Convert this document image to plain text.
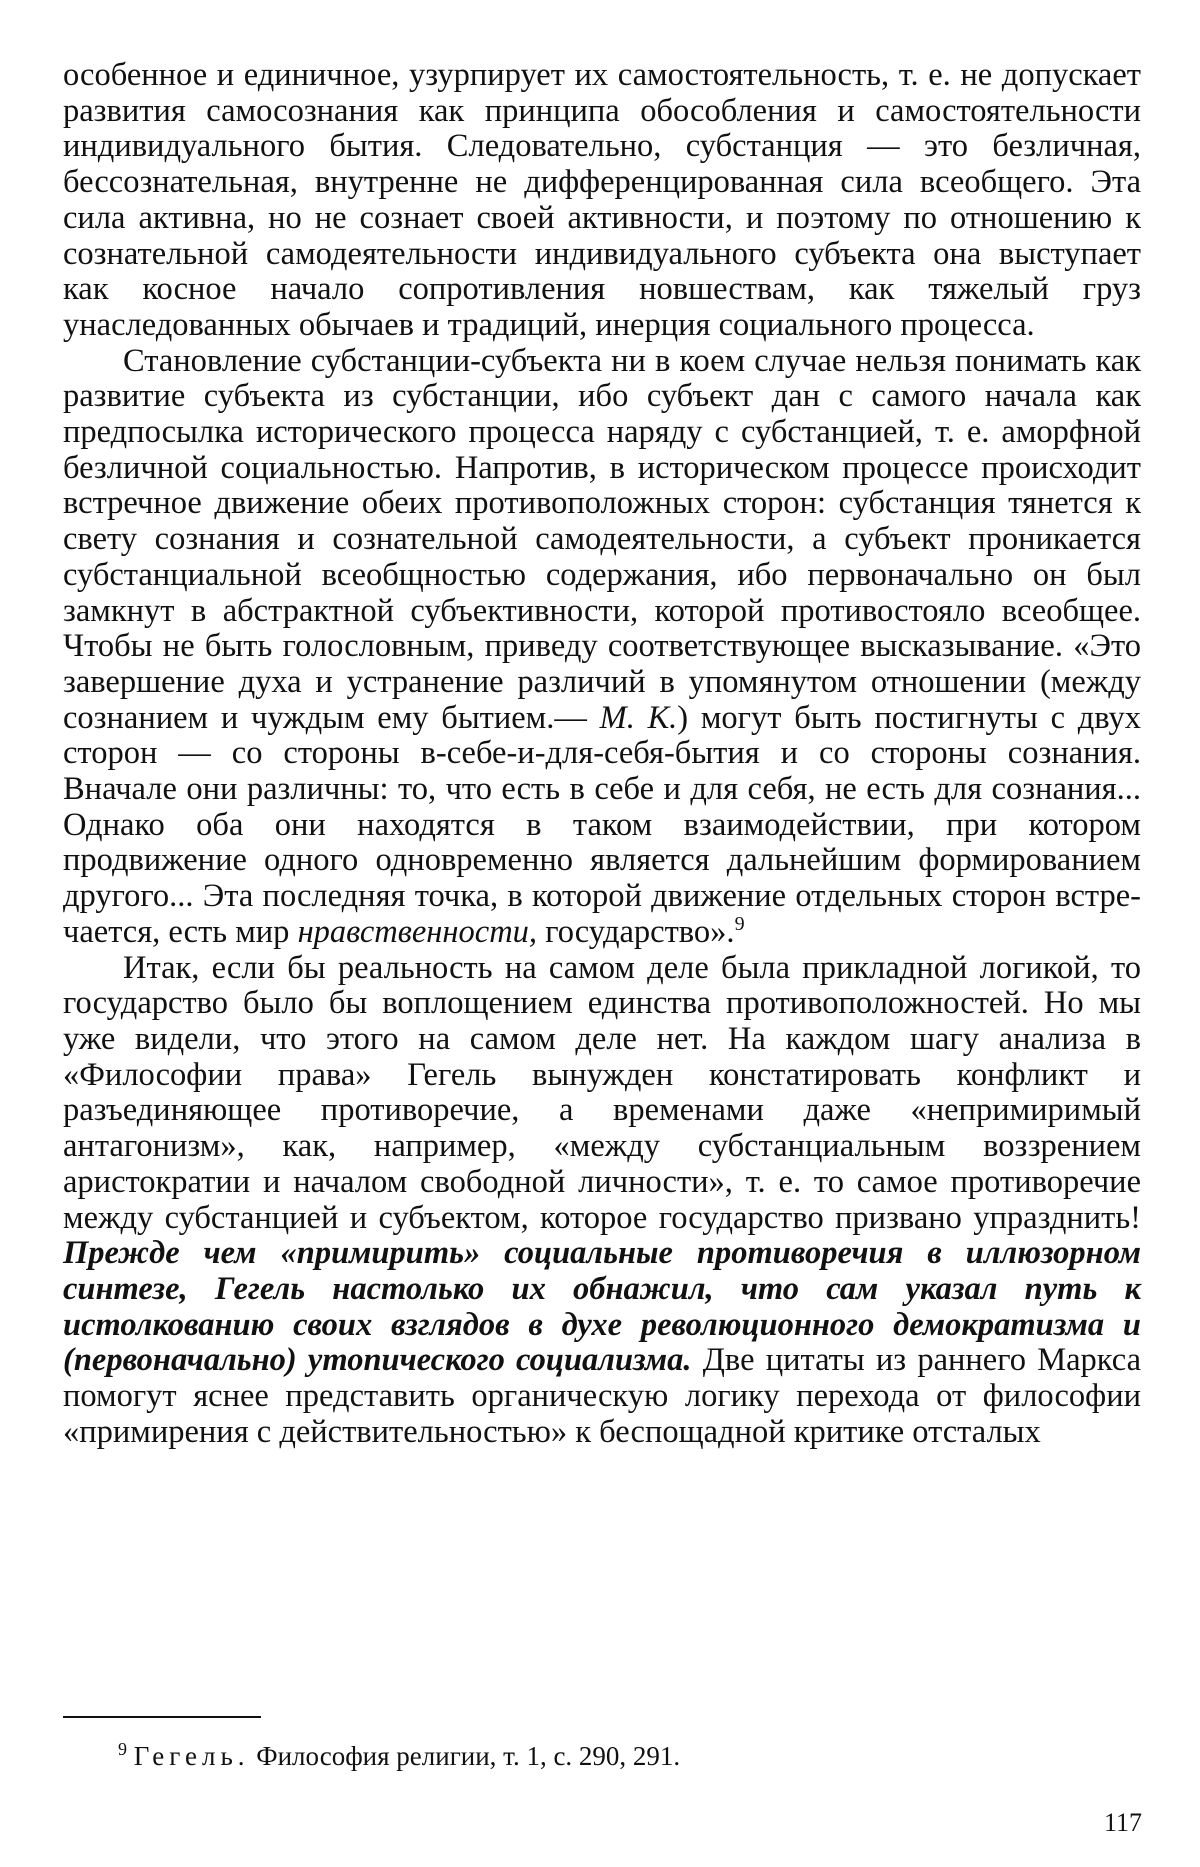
особенное и единичное, узурпирует их самостоятельность, т. е. не допускает развития самосознания как принципа обособления и самостоятельности индивидуального бытия. Следовательно, субстанция — это безличная, бессознательная, внутренне не дифференцированная сила всеобщего. Эта сила активна, но не сознает своей активности, и поэтому по отношению к сознательной самодеятельности индивидуального субъекта она выступает как косное начало сопротивления новшествам, как тяжелый груз унаследованных обычаев и традиций, инерция социального процесса.

Становление субстанции-субъекта ни в коем случае нельзя понимать как развитие субъекта из субстанции, ибо субъект дан с самого начала как предпосылка исторического процесса наряду с субстанцией, т. е. аморфной безличной социальностью. Напротив, в историческом процессе происходит встречное движение обеих противоположных сторон: субстанция тянется к свету сознания и сознательной самодеятельности, а субъект проникается субстанциальной всеобщностью содержания, ибо первоначально он был замкнут в абстрактной субъективности, которой противостояло всеобщее. Чтобы не быть голословным, приведу соответствующее высказывание. «Это завершение духа и устранение различий в упомянутом отношении (между сознанием и чуждым ему бытием.— М. К.) могут быть постигнуты с двух сторон — со стороны в-себе-и-для-себя-бытия и со стороны сознания. Вначале они различны: то, что есть в себе и для себя, не есть для сознания... Однако оба они находятся в таком взаимодействии, при котором продвижение одного одновременно является дальнейшим формированием другого... Эта последняя точка, в которой движение отдельных сторон встречается, есть мир нравственности, государство».$^9$

Итак, если бы реальность на самом деле была прикладной логикой, то государство было бы воплощением единства противоположностей. Но мы уже видели, что этого на самом деле нет. На каждом шагу анализа в «Философии права» Гегель вынужден констатировать конфликт и разъединяющее противоречие, а временами даже «непримиримый антагонизм», как, например, «между субстанциальным воззрением аристократии и началом свободной личности», т. е. то самое противоречие между субстанцией и субъектом, которое государство призвано упразднить! Прежде чем «примирить» социальные противоречия в иллюзорном синтезе, Гегель настолько их обнажил, что сам указал путь к истолкованию своих взглядов в духе революционного демократизма и (первоначально) утопического социализма. Две цитаты из раннего Маркса помогут яснее представить органическую логику перехода от философии «примирения с действительностью» к беспощадной критике отсталых

$^9$ Гегель. Философия религии, т. 1, с. 290, 291.
117
